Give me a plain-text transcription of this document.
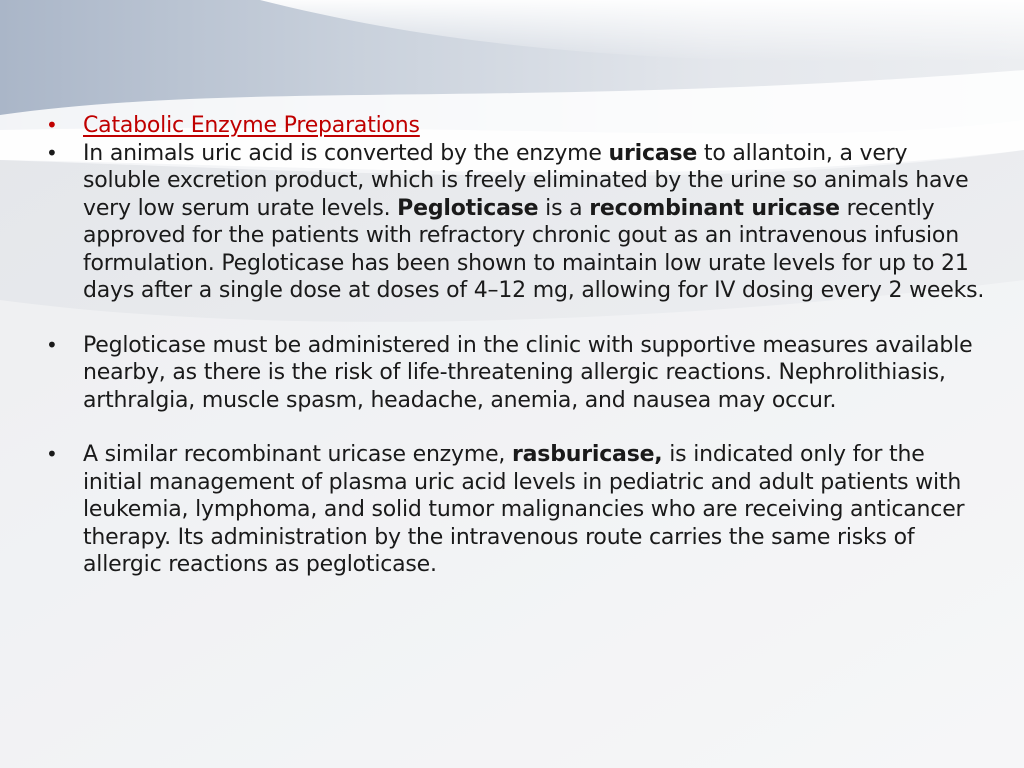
• Catabolic Enzyme Preparations
• In animals uric acid is converted by the enzyme uricase to allantoin, a very soluble excretion product, which is freely eliminated by the urine so animals have very low serum urate levels. Pegloticase is a recombinant uricase recently approved for the patients with refractory chronic gout as an intravenous infusion formulation. Pegloticase has been shown to maintain low urate levels for up to 21 days after a single dose at doses of 4–12 mg, allowing for IV dosing every 2 weeks.
• Pegloticase must be administered in the clinic with supportive measures available nearby, as there is the risk of life-threatening allergic reactions. Nephrolithiasis, arthralgia, muscle spasm, headache, anemia, and nausea may occur.
• A similar recombinant uricase enzyme, rasburicase, is indicated only for the initial management of plasma uric acid levels in pediatric and adult patients with leukemia, lymphoma, and solid tumor malignancies who are receiving anticancer therapy. Its administration by the intravenous route carries the same risks of allergic reactions as pegloticase.
